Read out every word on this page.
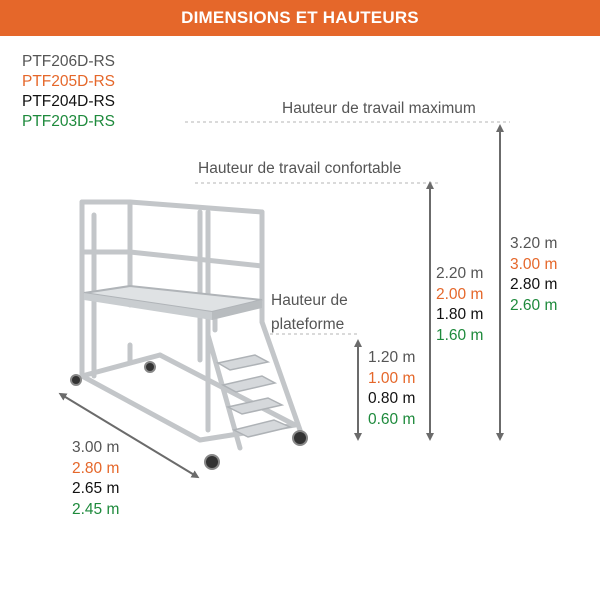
DIMENSIONS ET HAUTEURS
PTF206D-RS
PTF205D-RS
PTF204D-RS
PTF203D-RS
Hauteur de travail maximum
Hauteur de travail confortable
Hauteur de
plateforme
3.00 m
2.80 m
2.65 m
2.45 m
1.20 m
1.00 m
0.80 m
0.60 m
2.20 m
2.00 m
1.80 m
1.60 m
3.20 m
3.00 m
2.80 m
2.60 m
